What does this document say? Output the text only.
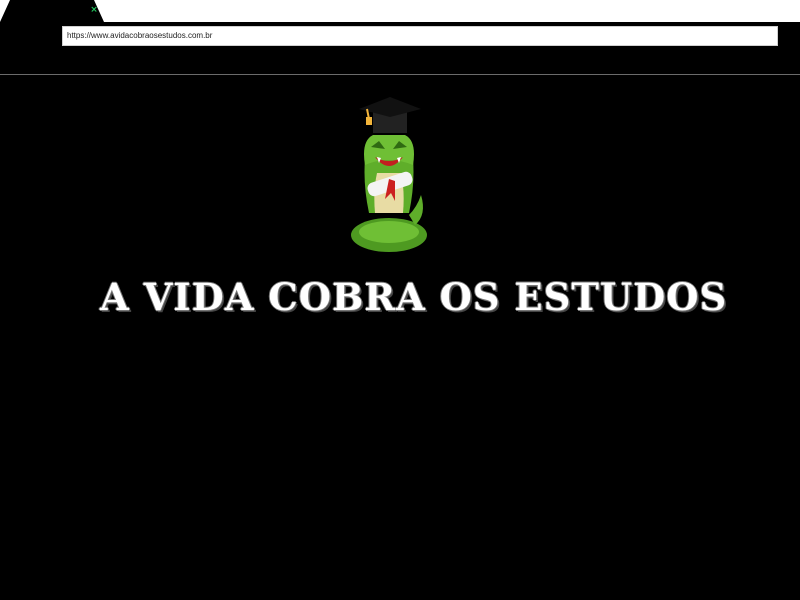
×
https://www.avidacobraosestudos.com.br
A VIDA COBRA OS ESTUDOS
